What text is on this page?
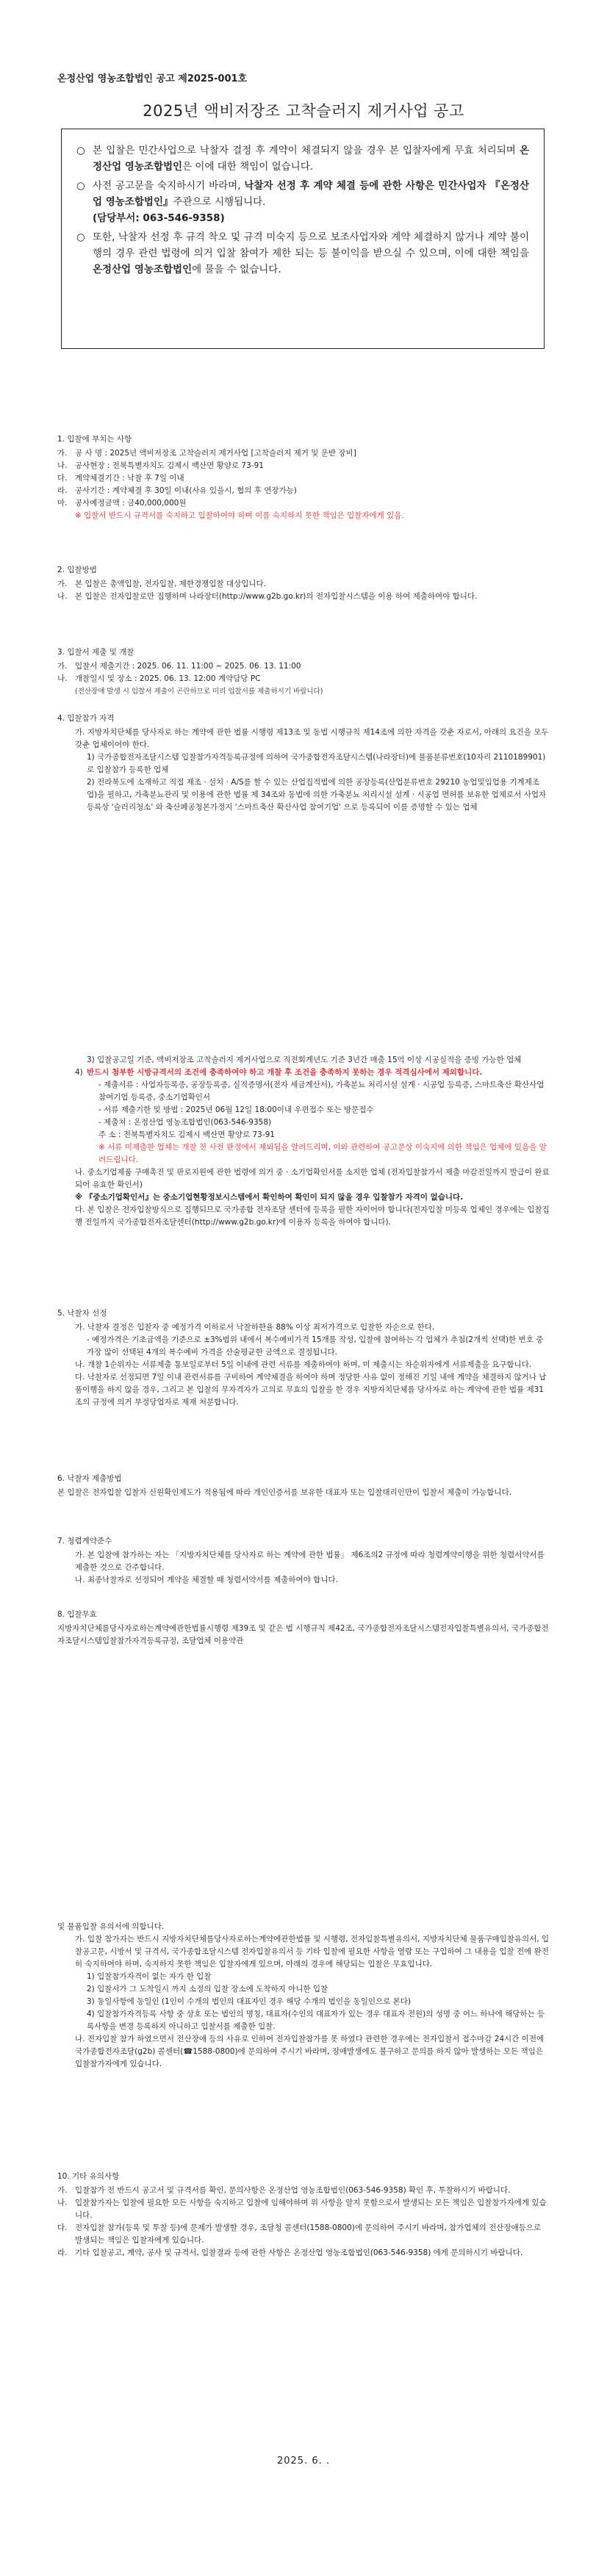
온정산업 영농조합법인 공고 제2025-001호
2025년 액비저장조 고착슬러지 제거사업 공고
○ 본 입찰은 민간사업으로 낙찰자 결정 후 계약이 체결되지 않을 경우 본 입찰자에게 무효 처리되며 온정산업 영농조합법인은 이에 대한 책임이 없습니다.
○ 사전 공고문을 숙지하시기 바라며, 낙찰자 선정 후 계약 체결 등에 관한 사항은 민간사업자 『온정산업 영농조합법인』주관으로 시행됩니다.
(담당부서: 063-546-9358)
○ 또한, 낙찰자 선정 후 규격 착오 및 규격 미숙지 등으로 보조사업자와 계약 체결하지 않거나 계약 불이행의 경우 관련 법령에 의거 입찰 참여가 제한 되는 등 불이익을 받으실 수 있으며, 이에 대한 책임을 온정산업 영농조합법인에 물을 수 없습니다.
1. 입찰에 부치는 사항
가. 공 사 명 : 2025년 액비저장조 고착슬러지 제거사업 [고착슬러지 제거 및 운반 장비]
나. 공사현장 : 전북특별자치도 김제시 백산면 황양로 73-91
다. 계약체결기간 : 낙찰 후 7일 이내
라. 공사기간 : 계약체결 후 30일 이내(사유 있을시, 협의 후 연장가능)
마. 공사예정금액 : 금40,000,000원
※ 입찰서 반드시 규격서를 숙지하고 입찰하여야 하며 이를 숙지하지 못한 책임은 입찰자에게 있음.
2. 입찰방법
가. 본 입찰은 총액입찰, 전자입찰, 제한경쟁입찰 대상입니다.
나. 본 입찰은 전자입찰로만 집행하며 나라장터(http://www.g2b.go.kr)의 전자입찰시스템을 이용 하여 제출하여야 합니다.
3. 입찰서 제출 및 개찰
가. 입찰서 제출기간 : 2025. 06. 11. 11:00 ~ 2025. 06. 13. 11:00
나. 개찰일시 및 장소 : 2025. 06. 13. 12:00 계약담당 PC
(전산장애 발생 시 입찰서 제출이 곤란하므로 미리 입찰서를 제출하시기 바랍니다)
4. 입찰참가 자격
가. 지방자치단체를 당사자로 하는 계약에 관한 법률 시행령 제13조 및 동법 시행규칙 제14조에 의한 자격을 갖춘 자로서, 아래의 요건을 모두 갖춘 업체이어야 한다.
1) 국가종합전자조달시스템 입찰참가자격등록규정에 의하여 국가종합전자조달시스템(나라장터)에 물품분류번호(10자리 2110189901)로 입찰참가 등록한 업체
2) 전라북도에 소재하고 직접 제조 · 설치 · A/S를 할 수 있는 산업집적법에 의한 공장등록(산업분류번호 29210 농업및임업용 기계제조업)을 필하고, 가축분뇨관리 및 이용에 관한 법률 제 34조와 동법에 의한 가축분뇨 처리시설 설계 · 시공업 면허를 보유한 업체로서 사업자등록상 '슬러리청소' 와 축산폐공청본가정지 '스마트축산 확산사업 참여기업' 으로 등록되어 이를 증명할 수 있는 업체
3) 입찰공고일 기준, 액비저장조 고착슬러지 제거사업으로 직전회계년도 기준 3년간 매출 15억 이상 시공실적을 증빙 가능한 업체
4) 반드시 첨부한 시방규격서의 조건에 충족하여야 하고 개찰 후 조건을 충족하지 못하는 경우 적격심사에서 제외합니다.
- 제출서류 : 사업자등록증, 공장등록증, 실적증명서(전자 세금계산서), 가축분뇨 처리시설 설계 · 시공업 등록증, 스마트축산 확산사업 참여기업 등록증, 중소기업확인서
- 서류 제출기한 및 방법 : 2025년 06월 12일 18:00이내 우편접수 또는 방문접수
- 제출처 : 온정산업 영농조합법인(063-546-9358)
주 소 : 전북특별자치도 김제시 백산면 황양로 73-91
※ 서류 미제출한 업체는 개찰 전 사전 판정에서 제외됨을 알려드리며, 이와 관련하여 공고문상 이숙지에 의한 책임은 업체에 있음을 알려드립니다.
나. 중소기업제품 구매촉진 및 판로지원에 관한 법령에 의거 중 · 소기업확인서를 소지한 업체 (전자입찰참가서 제출 마감전일까지 발급이 완료되어 유효한 확인서)
※ 『중소기업확인서』는 중소기업현황정보시스템에서 확인하여 확인이 되지 않을 경우 입찰참가 자격이 없습니다.
다. 본 입찰은 전자입찰방식으로 집행되므로 국가종합 전자조달 센터에 등록을 필한 자이어야 합니다(전자입찰 미등록 업체인 경우에는 입찰집행 전일까지 국가종합전자조달센터(http://www.g2b.go.kr)에 이용자 등록을 하여야 합니다).
5. 낙찰자 선정
가. 낙찰자 결정은 입찰자 중 예정가격 이하로서 낙찰하한율 88% 이상 최저가격으로 입찰한 자순으로 한다.
- 예정가격은 기초금액을 기준으로 ±3%범위 내에서 복수예비가격 15개를 작성, 입찰에 참여하는 각 업체가 추첨(2개씩 선택)한 번호 중 가장 많이 선택된 4개의 복수예비 가격을 산술평균한 금액으로 결정됩니다.
나. 개찰 1순위자는 서류제출 통보일로부터 5일 이내에 관련 서류를 제출하여야 하며, 미 제출시는 차순위자에게 서류제출을 요구합니다.
다. 낙찰자로 선정되면 7일 이내 관련서류를 구비하여 계약체결을 하여야 하며 정당한 사유 없이 정해진 기일 내에 계약을 체결하지 않거나 납품이행을 하지 않을 경우, 그리고 본 입찰의 무자격자가 고의로 무효의 입찰을 한 경우 지방자치단체를 당사자로 하는 계약에 관한 법률 제31조의 규정에 의거 부정당업자로 제재 처분합니다.
6. 낙찰자 제출방법
본 입찰은 전자입찰 입찰자 신원확인제도가 적용됨에 따라 개인인증서를 보유한 대표자 또는 입찰대리인만이 입찰서 제출이 가능합니다.
7. 청렴계약준수
가. 본 입찰에 참가하는 자는 「지방자치단체를 당사자로 하는 계약에 관한 법률」 제6조의2 규정에 따라 청렴계약이행을 위한 청렴서약서를 제출한 것으로 간주합니다.
나. 최종낙찰자로 선정되어 계약을 체결할 때 청렴서약서를 제출하여야 합니다.
8. 입찰무효
지방자치단체를당사자로하는계약에관한법률시행령 제39조 및 같은 법 시행규칙 제42조, 국가종합전자조달시스템전자입찰특별유의서, 국가종합전자조달시스템입찰참가자격등록규정, 조달업체 이용약관
및 물품입찰 유의서에 의합니다.
가. 입찰 참가자는 반드시 지방자치단체를당사자로하는계약에관한법률 및 시행령, 전자입찰특별유의서, 지방자치단체 물품구매입찰유의서, 입찰공고문, 시방서 및 규격서, 국가종합조달시스템 전자입찰유의서 등 기타 입찰에 필요한 사항을 열람 또는 구입하여 그 내용을 입찰 전에 완전히 숙지하여야 하며, 숙지하지 못한 책임은 입찰자에게 있으며, 아래의 경우에 해당되는 입찰은 무효입니다.
1) 입찰참가자격이 없는 자가 한 입찰
2) 입찰서가 그 도착일시 까지 소정의 입찰 장소에 도착하지 아니한 입찰
3) 동일사항에 동일인 (1인이 수개의 법인의 대표자인 경우 해당 수개의 법인을 동일인으로 본다)
4) 입찰참가자격등록 사항 중 상호 또는 법인의 명칭, 대표자(수인의 대표자가 있는 경우 대표자 전원)의 성명 중 어느 하나에 해당하는 등록사항을 변경 등록하지 아니하고 입찰서를 제출한 입찰.
나. 전자입찰 참가 하였으면서 전산장애 등의 사유로 인하여 전자입찰참가를 못 하였다 관련한 경우에는 전자입찰서 접수마감 24시간 이전에 국가종합전자조달(g2b) 콜센터(☎1588-0800)에 문의하여 주시기 바라며, 장애발생에도 불구하고 문의를 하지 않아 발생하는 모든 책임은 입찰참가자에게 있습니다.
10. 기타 유의사항
가. 입찰참가 전 반드시 공고서 및 규격서를 확인, 문의사항은 온정산업 영농조합법인(063-546-9358) 확인 후, 투찰하시기 바랍니다.
나. 입찰참가자는 입찰에 필요한 모든 사항을 숙지하고 입찰에 임해야하며 위 사항을 알지 못함으로서 발생되는 모든 책임은 입찰참가자에게 있습니다.
다. 전자입찰 참가(등록 및 투찰 등)에 문제가 발생할 경우, 조달청 콜센터(1588-0800)에 문의하여 주시기 바라며, 참가업체의 전산장애등으로 발생되는 책임은 입찰자에게 있습니다.
라. 기타 입찰공고, 계약, 공사 및 규격서, 입찰결과 등에 관한 사항은 온정산업 영농조합법인(063-546-9358) 에게 문의하시기 바랍니다.
2025. 6. .
